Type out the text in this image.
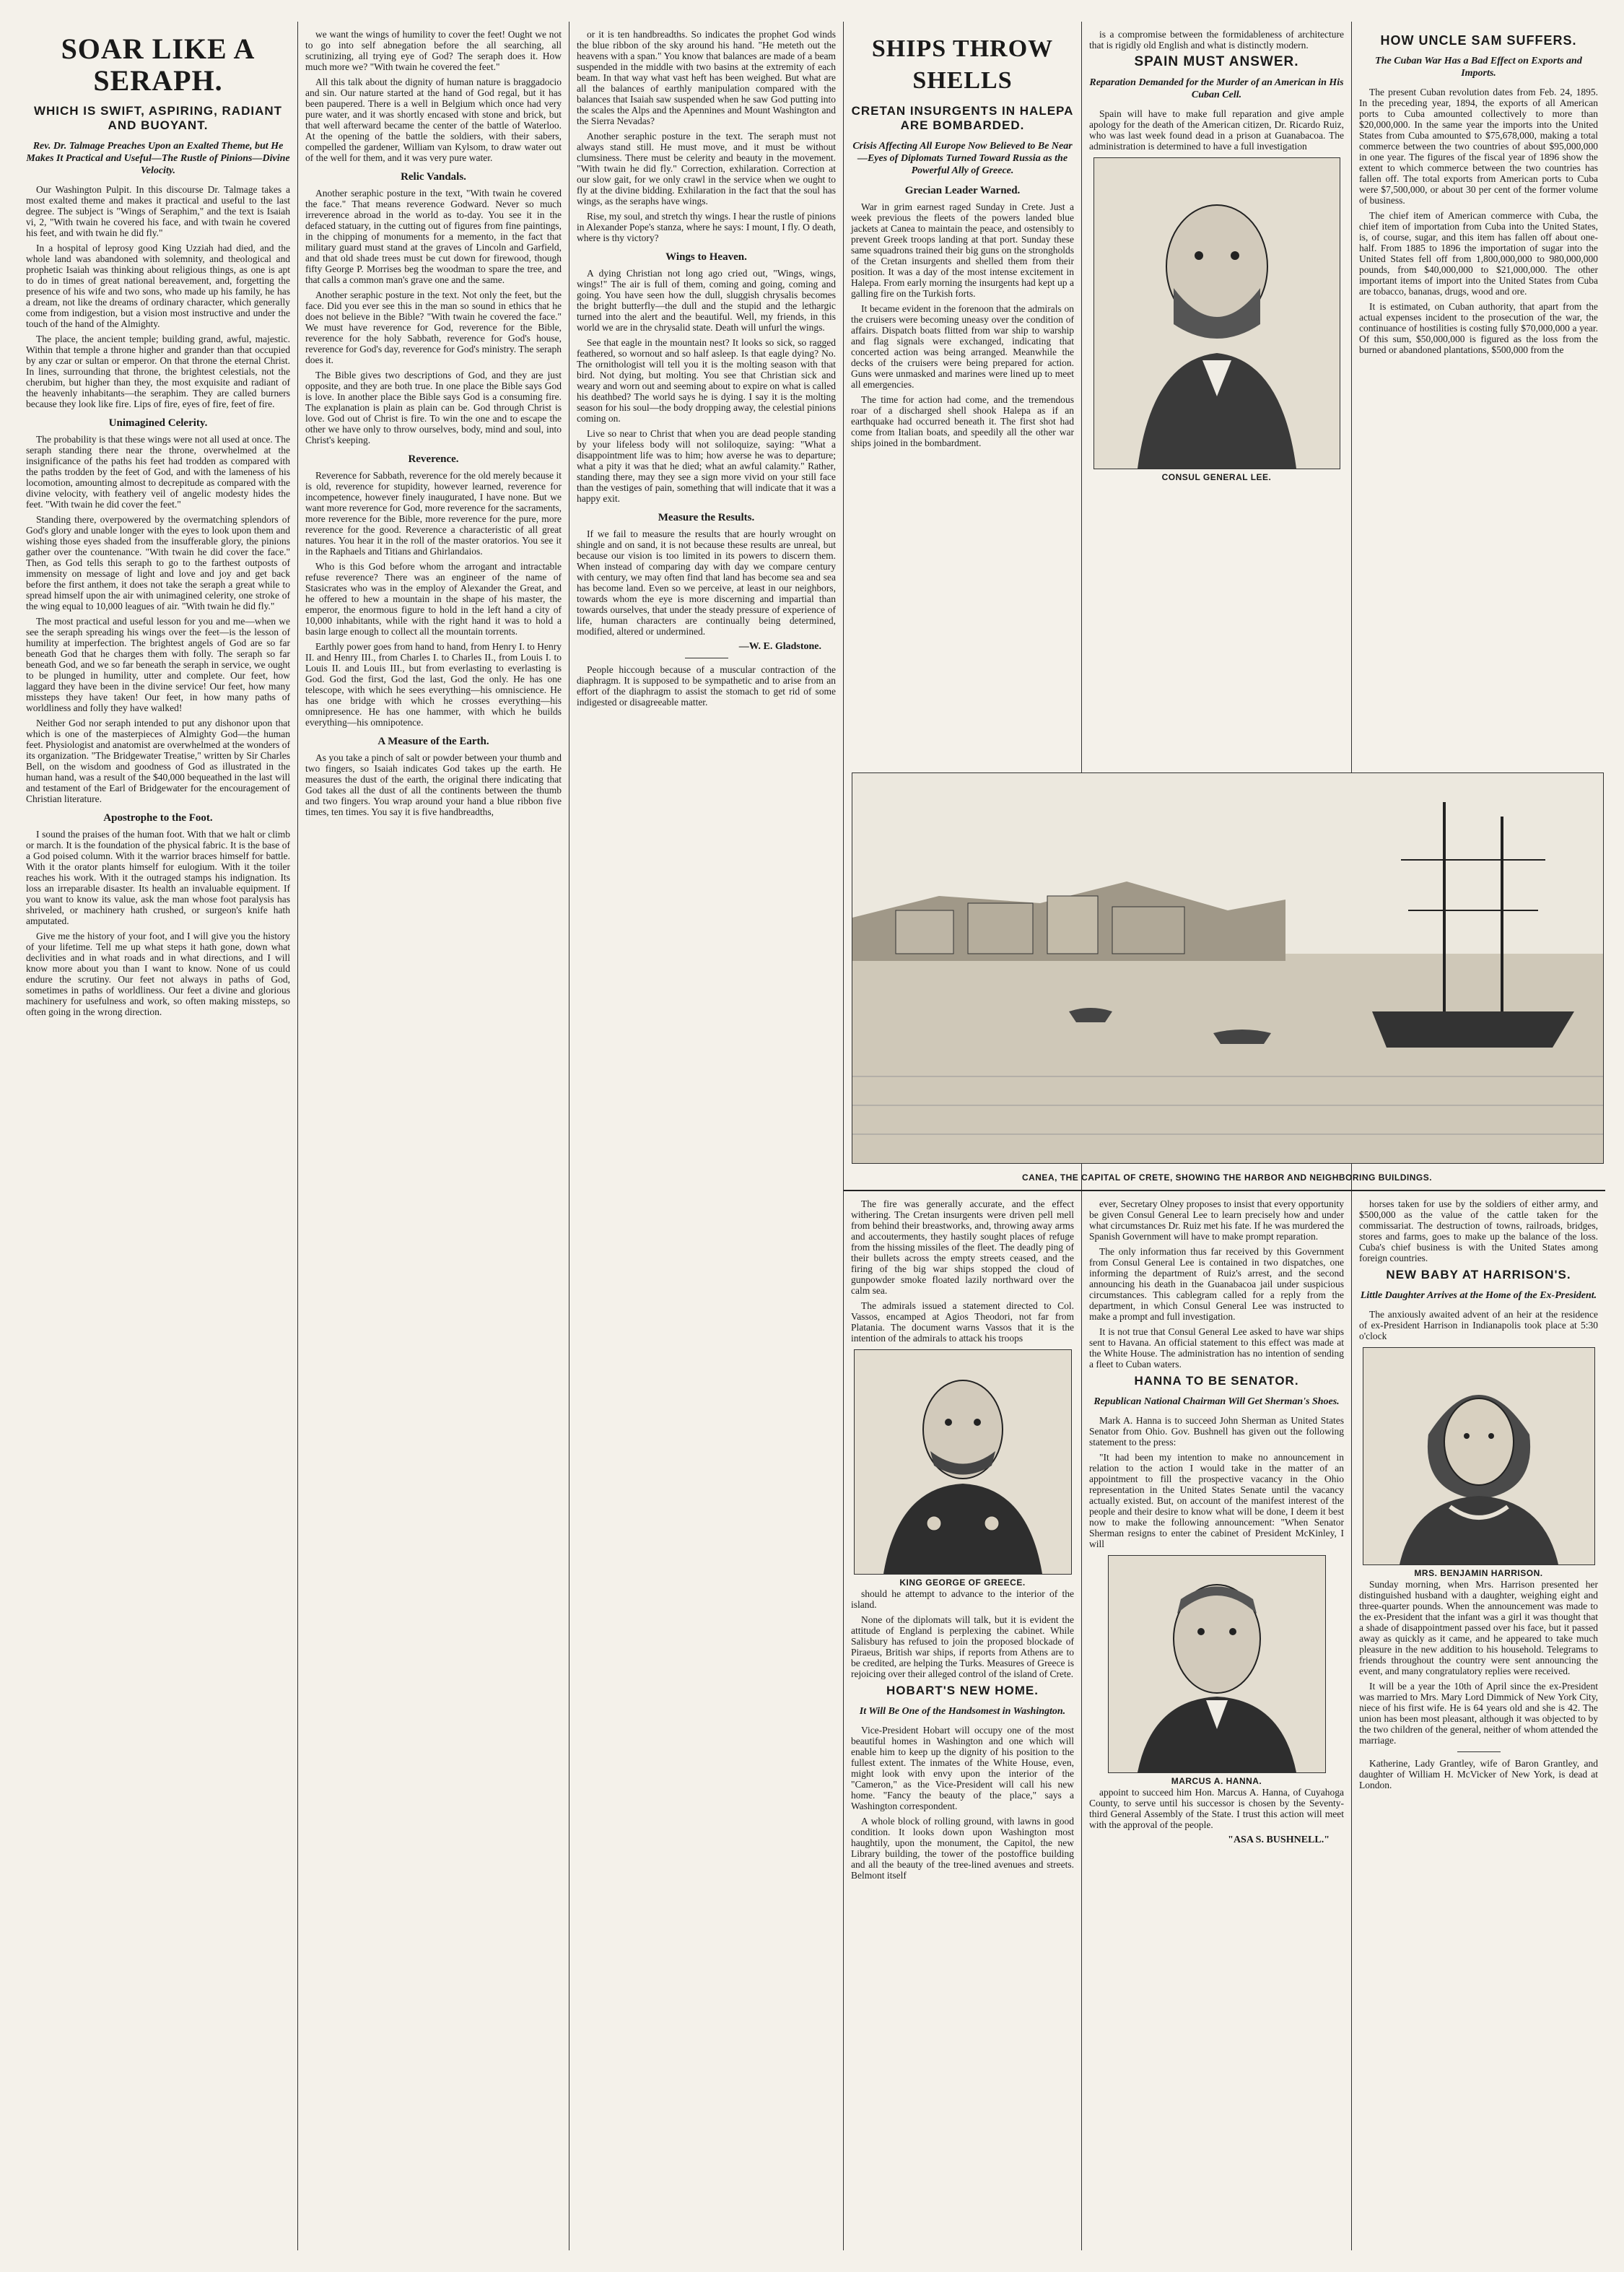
SOAR LIKE A SERAPH.
WHICH IS SWIFT, ASPIRING, RADIANT AND BUOYANT.
Rev. Dr. Talmage Preaches Upon an Exalted Theme, but He Makes It Practical and Useful—The Rustle of Pinions—Divine Velocity.

Our Washington Pulpit. In this discourse Dr. Talmage takes a most exalted theme and makes it practical and useful to the last degree. The subject is "Wings of Seraphim," and the text is Isaiah vi, 2, "With twain he covered his face, and with twain he covered his feet, and with twain he did fly."

In a hospital of leprosy good King Uzziah had died, and the whole land was abandoned with solemnity, and theological and prophetic Isaiah was thinking about religious things, as one is apt to do in times of great national bereavement, and, forgetting the presence of his wife and two sons, who made up his family, he has a dream, not like the dreams of ordinary character, which generally come from indigestion, but a vision most instructive and under the touch of the hand of the Almighty.

The place, the ancient temple; building grand, awful, majestic. Within that temple a throne higher and grander than that occupied by any czar or sultan or emperor. On that throne the eternal Christ. In lines, surrounding that throne, the brightest celestials, not the cherubim, but higher than they, the most exquisite and radiant of the heavenly inhabitants—the seraphim. They are called burners because they look like fire. Lips of fire, eyes of fire, feet of fire.

Unimagined Celerity.

The probability is that these wings were not all used at once. The seraph standing there near the throne, overwhelmed at the insignificance of the paths his feet had trodden as compared with the paths trodden by the feet of God, and with the lameness of his locomotion, amounting almost to decrepitude as compared with the divine velocity, with feathery veil of angelic modesty hides the feet. "With twain he did cover the feet."

Standing there, overpowered by the overmatching splendors of God's glory and unable longer with the eyes to look upon them and wishing those eyes shaded from the insufferable glory, the pinions gather over the countenance. "With twain he did cover the face." Then, as God tells this seraph to go to the farthest outposts of immensity on message of light and love and joy and get back before the first anthem, it does not take the seraph a great while to spread himself upon the air with unimagined celerity, one stroke of the wing equal to 10,000 leagues of air. "With twain he did fly."

The most practical and useful lesson for you and me—when we see the seraph spreading his wings over the feet—is the lesson of humility at imperfection. The brightest angels of God are so far beneath God that he charges them with folly. The seraph so far beneath God, and we so far beneath the seraph in service, we ought to be plunged in humility, utter and complete. Our feet, how laggard they have been in the divine service! Our feet, how many missteps they have taken! Our feet, in how many paths of worldliness and folly they have walked!

Neither God nor seraph intended to put any dishonor upon that which is one of the masterpieces of Almighty God—the human feet. Physiologist and anatomist are overwhelmed at the wonders of its organization. "The Bridgewater Treatise," written by Sir Charles Bell, on the wisdom and goodness of God as illustrated in the human hand, was a result of the $40,000 bequeathed in the last will and testament of the Earl of Bridgewater for the encouragement of Christian literature.

Apostrophe to the Foot.

I sound the praises of the human foot. With that we halt or climb or march. It is the foundation of the physical fabric. It is the base of a God poised column. With it the warrior braces himself for battle. With it the orator plants himself for eulogium. With it the toiler reaches his work. With it the outraged stamps his indignation. Its loss an irreparable disaster. Its health an invaluable equipment. If you want to know its value, ask the man whose foot paralysis has shriveled, or machinery hath crushed, or surgeon's knife hath amputated.

Give me the history of your foot, and I will give you the history of your lifetime. Tell me up what steps it hath gone, down what declivities and in what roads and in what directions, and I will know more about you than I want to know. None of us could endure the scrutiny. Our feet not always in paths of God, sometimes in paths of worldliness. Our feet a divine and glorious machinery for usefulness and work, so often making missteps, so often going in the wrong direction.

we want the wings of humility to cover the feet! Ought we not to go into self abnegation before the all searching, all scrutinizing, all trying eye of God? The seraph does it. How much more we? "With twain he covered the feet."

All this talk about the dignity of human nature is braggadocio and sin. Our nature started at the hand of God regal, but it has been paupered. There is a well in Belgium which once had very pure water, and it was shortly encased with stone and brick, but that well afterward became the center of the battle of Waterloo. At the opening of the battle the soldiers, with their sabers, compelled the gardener, William van Kylsom, to draw water out of the well for them, and it was very pure water.

Relic Vandals.

Another seraphic posture in the text, "With twain he covered the face." That means reverence Godward. Never so much irreverence abroad in the world as to-day. You see it in the defaced statuary, in the cutting out of figures from fine paintings, in the chipping of monuments for a memento, in the fact that military guard must stand at the graves of Lincoln and Garfield, and that old shade trees must be cut down for firewood, though fifty George P. Morrises beg the woodman to spare the tree, and that calls a common man's grave one and the same.

Another seraphic posture in the text. Not only the feet, but the face. Did you ever see this in the man so sound in ethics that he does not believe in the Bible? "With twain he covered the face." We must have reverence for God, reverence for the Bible, reverence for the holy Sabbath, reverence for God's house, reverence for God's day, reverence for God's ministry. The seraph does it.

The Bible gives two descriptions of God, and they are just opposite, and they are both true. In one place the Bible says God is love. In another place the Bible says God is a consuming fire. The explanation is plain as plain can be. God through Christ is love. God out of Christ is fire. To win the one and to escape the other we have only to throw ourselves, body, mind and soul, into Christ's keeping.

Reverence.

Reverence for Sabbath, reverence for the old merely because it is old, reverence for stupidity, however learned, reverence for incompetence, however finely inaugurated, I have none. But we want more reverence for God, more reverence for the sacraments, more reverence for the Bible, more reverence for the pure, more reverence for the good. Reverence a characteristic of all great natures. You hear it in the roll of the master oratorios. You see it in the Raphaels and Titians and Ghirlandaios.

Who is this God before whom the arrogant and intractable refuse reverence? There was an engineer of the name of Stasicrates who was in the employ of Alexander the Great, and he offered to hew a mountain in the shape of his master, the emperor, the enormous figure to hold in the left hand a city of 10,000 inhabitants, while with the right hand it was to hold a basin large enough to collect all the mountain torrents.

Earthly power goes from hand to hand, from Henry I. to Henry II. and Henry III., from Charles I. to Charles II., from Louis I. to Louis II. and Louis III., but from everlasting to everlasting is God. God the first, God the last, God the only. He has one telescope, with which he sees everything—his omniscience. He has one bridge with which he crosses everything—his omnipresence. He has one hammer, with which he builds everything—his omnipotence.

A Measure of the Earth.

As you take a pinch of salt or powder between your thumb and two fingers, so Isaiah indicates God takes up the earth. He measures the dust of the earth, the original there indicating that God takes all the dust of all the continents between the thumb and two fingers. You wrap around your hand a blue ribbon five times, ten times. You say it is five handbreadths,

or it is ten handbreadths. So indicates the prophet God winds the blue ribbon of the sky around his hand. "He meteth out the heavens with a span." You know that balances are made of a beam suspended in the middle with two basins at the extremity of each beam. In that way what vast heft has been weighed. But what are all the balances of earthly manipulation compared with the balances that Isaiah saw suspended when he saw God putting into the scales the Alps and the Apennines and Mount Washington and the Sierra Nevadas?

Another seraphic posture in the text. The seraph must not always stand still. He must move, and it must be without clumsiness. There must be celerity and beauty in the movement. "With twain he did fly." Correction, exhilaration. Correction at our slow gait, for we only crawl in the service when we ought to fly at the divine bidding. Exhilaration in the fact that the soul has wings, as the seraphs have wings.

Rise, my soul, and stretch thy wings. I hear the rustle of pinions in Alexander Pope's stanza, where he says: I mount, I fly. O death, where is thy victory?

Wings to Heaven.

A dying Christian not long ago cried out, "Wings, wings, wings!" The air is full of them, coming and going, coming and going. You have seen how the dull, sluggish chrysalis becomes the bright butterfly—the dull and the stupid and the lethargic turned into the alert and the beautiful. Well, my friends, in this world we are in the chrysalid state. Death will unfurl the wings.

See that eagle in the mountain nest? It looks so sick, so ragged feathered, so wornout and so half asleep. Is that eagle dying? No. The ornithologist will tell you it is the molting season with that bird. Not dying, but molting. You see that Christian sick and weary and worn out and seeming about to expire on what is called his deathbed? The world says he is dying. I say it is the molting season for his soul—the body dropping away, the celestial pinions coming on.

Live so near to Christ that when you are dead people standing by your lifeless body will not soliloquize, saying: "What a disappointment life was to him; how averse he was to departure; what a pity it was that he died; what an awful calamity." Rather, standing there, may they see a sign more vivid on your still face than the vestiges of pain, something that will indicate that it was a happy exit.

Measure the Results.

If we fail to measure the results that are hourly wrought on shingle and on sand, it is not because these results are unreal, but because our vision is too limited in its powers to discern them. When instead of comparing day with day we compare century with century, we may often find that land has become sea and sea has become land. Even so we perceive, at least in our neighbors, towards whom the eye is more discerning and impartial than towards ourselves, that under the steady pressure of experience of life, human characters are continually being determined, modified, altered or undermined.

—W. E. Gladstone.

People hiccough because of a muscular contraction of the diaphragm. It is supposed to be sympathetic and to arise from an effort of the diaphragm to assist the stomach to get rid of some indigested or disagreeable matter.

SHIPS THROW SHELLS
CRETAN INSURGENTS IN HALEPA ARE BOMBARDED.
Crisis Affecting All Europe Now Believed to Be Near—Eyes of Diplomats Turned Toward Russia as the Powerful Ally of Greece.
Grecian Leader Warned.

War in grim earnest raged Sunday in Crete. Just a week previous the fleets of the powers landed blue jackets at Canea to maintain the peace, and ostensibly to prevent Greek troops landing at that port. Sunday these same squadrons trained their big guns on the strongholds of the Cretan insurgents and shelled them from their position. It was a day of the most intense excitement in Halepa. From early morning the insurgents had kept up a galling fire on the Turkish forts.

It became evident in the forenoon that the admirals on the cruisers were becoming uneasy over the condition of affairs. Dispatch boats flitted from war ship to warship and flag signals were exchanged, indicating that concerted action was being arranged. Meanwhile the decks of the cruisers were being prepared for action. Guns were unmasked and marines were lined up to meet all emergencies.

The time for action had come, and the tremendous roar of a discharged shell shook Halepa as if an earthquake had occurred beneath it. The first shot had come from Italian boats, and speedily all the other war ships joined in the bombardment.

is a compromise between the formidableness of architecture that is rigidly old English and what is distinctly modern.

SPAIN MUST ANSWER.
Reparation Demanded for the Murder of an American in His Cuban Cell.

Spain will have to make full reparation and give ample apology for the death of the American citizen, Dr. Ricardo Ruiz, who was last week found dead in a prison at Guanabacoa. The administration is determined to have a full investigation

CONSUL GENERAL LEE.
HOW UNCLE SAM SUFFERS.
The Cuban War Has a Bad Effect on Exports and Imports.

The present Cuban revolution dates from Feb. 24, 1895. In the preceding year, 1894, the exports of all American ports to Cuba amounted collectively to more than $20,000,000. In the same year the imports into the United States from Cuba amounted to $75,678,000, making a total commerce between the two countries of about $95,000,000 in one year. The figures of the fiscal year of 1896 show the extent to which commerce between the two countries has fallen off. The total exports from American ports to Cuba were $7,500,000, or about 30 per cent of the former volume of business.

The chief item of American commerce with Cuba, the chief item of importation from Cuba into the United States, is, of course, sugar, and this item has fallen off about one-half. From 1885 to 1896 the importation of sugar into the United States fell off from 1,800,000,000 to 980,000,000 pounds, from $40,000,000 to $21,000,000. The other important items of import into the United States from Cuba are tobacco, bananas, drugs, wood and ore.

It is estimated, on Cuban authority, that apart from the actual expenses incident to the prosecution of the war, the continuance of hostilities is costing fully $70,000,000 a year. Of this sum, $50,000,000 is figured as the loss from the burned or abandoned plantations, $500,000 from the

CANEA, THE CAPITAL OF CRETE, SHOWING THE HARBOR AND NEIGHBORING BUILDINGS.

The fire was generally accurate, and the effect withering. The Cretan insurgents were driven pell mell from behind their breastworks, and, throwing away arms and accouterments, they hastily sought places of refuge from the hissing missiles of the fleet. The deadly ping of their bullets across the empty streets ceased, and the firing of the big war ships stopped the cloud of gunpowder smoke floated lazily northward over the calm sea.

The admirals issued a statement directed to Col. Vassos, encamped at Agios Theodori, not far from Platania. The document warns Vassos that it is the intention of the admirals to attack his troops

KING GEORGE OF GREECE.

should he attempt to advance to the interior of the island.

None of the diplomats will talk, but it is evident the attitude of England is perplexing the cabinet. While Salisbury has refused to join the proposed blockade of Piraeus, British war ships, if reports from Athens are to be credited, are helping the Turks. Measures of Greece is rejoicing over their alleged control of the island of Crete.

HOBART'S NEW HOME.
It Will Be One of the Handsomest in Washington.

Vice-President Hobart will occupy one of the most beautiful homes in Washington and one which will enable him to keep up the dignity of his position to the fullest extent. The inmates of the White House, even, might look with envy upon the interior of the "Cameron," as the Vice-President will call his new home. "Fancy the beauty of the place," says a Washington correspondent.

A whole block of rolling ground, with lawns in good condition. It looks down upon Washington most haughtily, upon the monument, the Capitol, the new Library building, the tower of the postoffice building and all the beauty of the tree-lined avenues and streets. Belmont itself

ever, Secretary Olney proposes to insist that every opportunity be given Consul General Lee to learn precisely how and under what circumstances Dr. Ruiz met his fate. If he was murdered the Spanish Government will have to make prompt reparation.

The only information thus far received by this Government from Consul General Lee is contained in two dispatches, one informing the department of Ruiz's arrest, and the second announcing his death in the Guanabacoa jail under suspicious circumstances. This cablegram called for a reply from the department, in which Consul General Lee was instructed to make a prompt and full investigation.

It is not true that Consul General Lee asked to have war ships sent to Havana. An official statement to this effect was made at the White House. The administration has no intention of sending a fleet to Cuban waters.

HANNA TO BE SENATOR.
Republican National Chairman Will Get Sherman's Shoes.

Mark A. Hanna is to succeed John Sherman as United States Senator from Ohio. Gov. Bushnell has given out the following statement to the press:

"It had been my intention to make no announcement in relation to the action I would take in the matter of an appointment to fill the prospective vacancy in the Ohio representation in the United States Senate until the vacancy actually existed. But, on account of the manifest interest of the people and their desire to know what will be done, I deem it best now to make the following announcement: "When Senator Sherman resigns to enter the cabinet of President McKinley, I will

MARCUS A. HANNA.

appoint to succeed him Hon. Marcus A. Hanna, of Cuyahoga County, to serve until his successor is chosen by the Seventy-third General Assembly of the State. I trust this action will meet with the approval of the people.

"ASA S. BUSHNELL."

horses taken for use by the soldiers of either army, and $500,000 as the value of the cattle taken for the commissariat. The destruction of towns, railroads, bridges, stores and farms, goes to make up the balance of the loss. Cuba's chief business is with the United States among foreign countries.

NEW BABY AT HARRISON'S.
Little Daughter Arrives at the Home of the Ex-President.

The anxiously awaited advent of an heir at the residence of ex-President Harrison in Indianapolis took place at 5:30 o'clock

MRS. BENJAMIN HARRISON.

Sunday morning, when Mrs. Harrison presented her distinguished husband with a daughter, weighing eight and three-quarter pounds. When the announcement was made to the ex-President that the infant was a girl it was thought that a shade of disappointment passed over his face, but it passed away as quickly as it came, and he appeared to take much pleasure in the new addition to his household. Telegrams to friends throughout the country were sent announcing the event, and many congratulatory replies were received.

It will be a year the 10th of April since the ex-President was married to Mrs. Mary Lord Dimmick of New York City, niece of his first wife. He is 64 years old and she is 42. The union has been most pleasant, although it was objected to by the two children of the general, neither of whom attended the marriage.

Katherine, Lady Grantley, wife of Baron Grantley, and daughter of William H. McVicker of New York, is dead at London.
